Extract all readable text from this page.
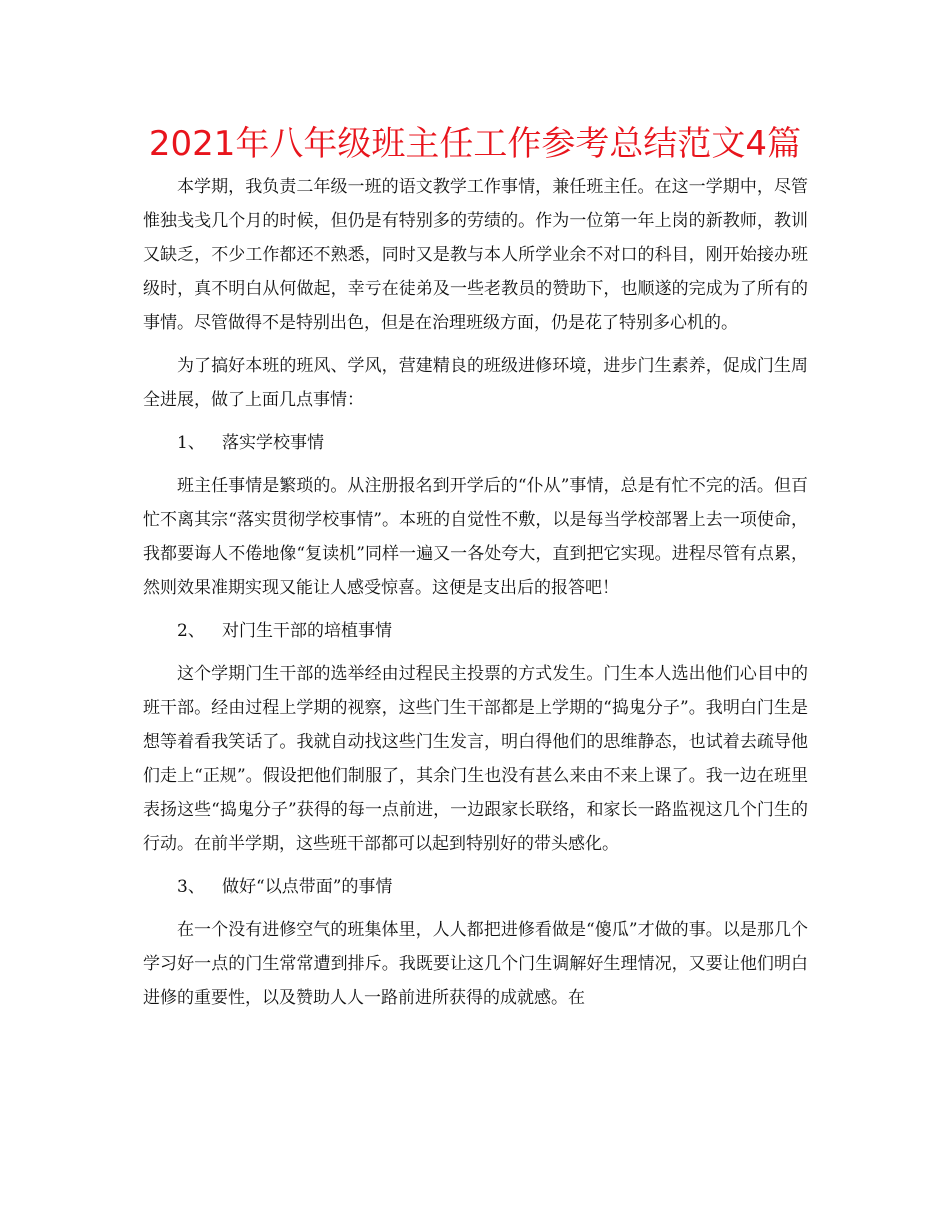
2021年八年级班主任工作参考总结范文4篇

本学期，我负责二年级一班的语文教学工作事情，兼任班主任。在这一学期中，尽管惟独戋戋几个月的时候，但仍是有特别多的劳绩的。作为一位第一年上岗的新教师，教训又缺乏，不少工作都还不熟悉，同时又是教与本人所学业余不对口的科目，刚开始接办班级时，真不明白从何做起，幸亏在徒弟及一些老教员的赞助下，也顺遂的完成为了所有的事情。尽管做得不是特别出色，但是在治理班级方面，仍是花了特别多心机的。

为了搞好本班的班风、学风，营建精良的班级进修环境，进步门生素养，促成门生周全进展，做了上面几点事情：

1、 落实学校事情

班主任事情是繁琐的。从注册报名到开学后的“仆从”事情，总是有忙不完的活。但百忙不离其宗“落实贯彻学校事情”。本班的自觉性不敷，以是每当学校部署上去一项使命，我都要诲人不倦地像“复读机”同样一遍又一各处夸大，直到把它实现。进程尽管有点累，然则效果准期实现又能让人感受惊喜。这便是支出后的报答吧！

2、 对门生干部的培植事情

这个学期门生干部的选举经由过程民主投票的方式发生。门生本人选出他们心目中的班干部。经由过程上学期的视察，这些门生干部都是上学期的“捣鬼分子”。我明白门生是想等着看我笑话了。我就自动找这些门生发言，明白得他们的思维静态，也试着去疏导他们走上“正规”。假设把他们制服了，其余门生也没有甚么来由不来上课了。我一边在班里表扬这些“捣鬼分子”获得的每一点前进，一边跟家长联络，和家长一路监视这几个门生的行动。在前半学期，这些班干部都可以起到特别好的带头感化。

3、 做好“以点带面”的事情

在一个没有进修空气的班集体里，人人都把进修看做是“傻瓜”才做的事。以是那几个学习好一点的门生常常遭到排斥。我既要让这几个门生调解好生理情况，又要让他们明白进修的重要性，以及赞助人人一路前进所获得的成就感。在
